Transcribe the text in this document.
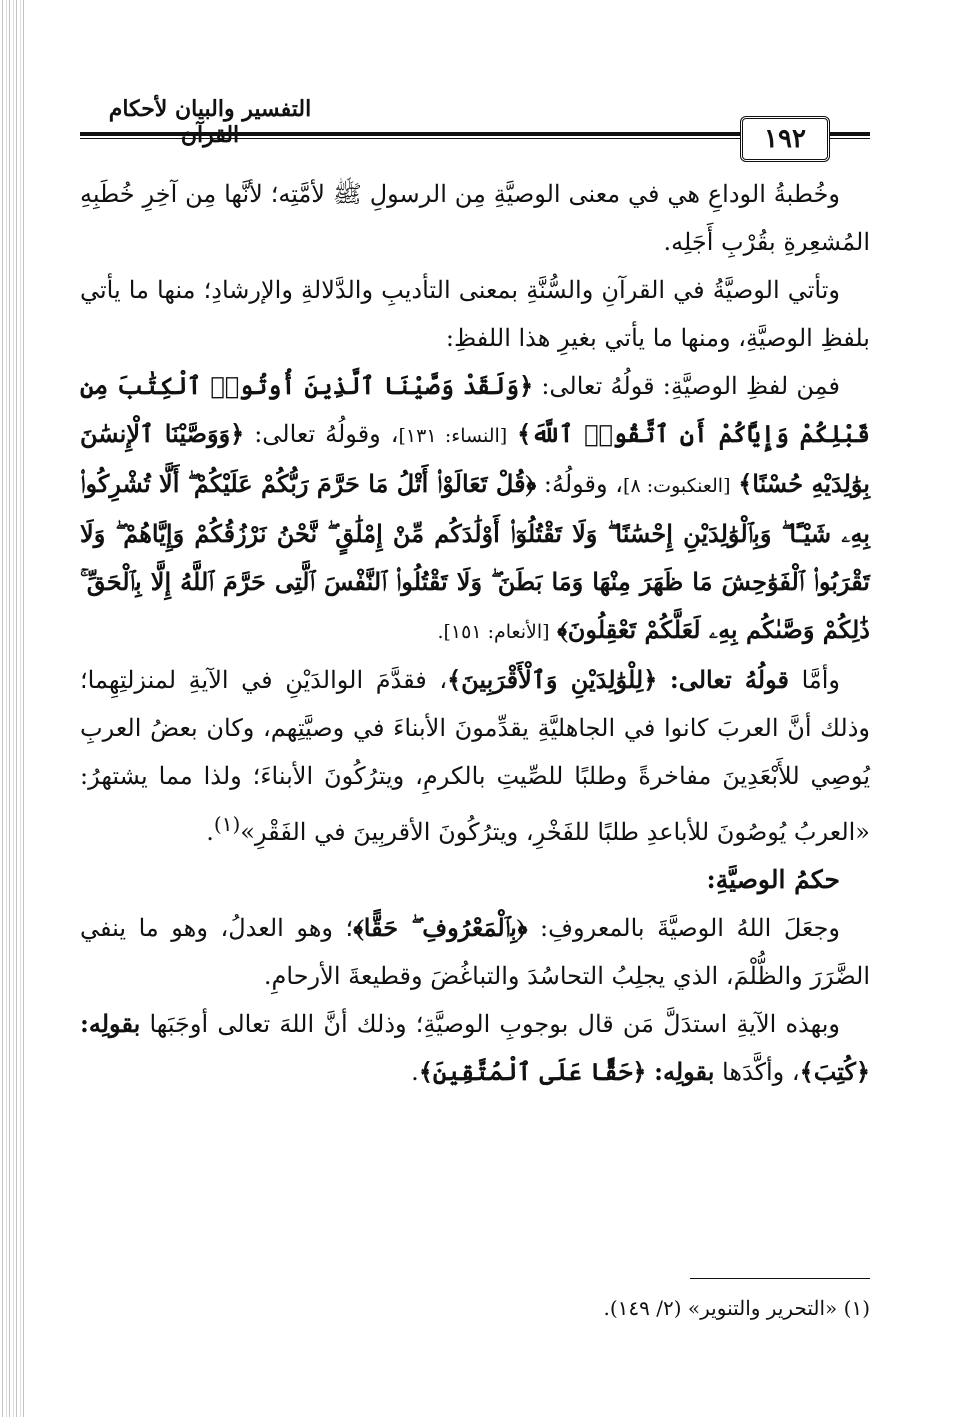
التفسير والبيان لأحكام القرآن	١٩٢

وخُطبةُ الوداعِ هي في معنى الوصيَّةِ مِن الرسولِ ﷺ لأمَّتِه؛ لأنَّها مِن آخِرِ خُطَبِهِ المُشعِرةِ بقُرْبِ أَجَلِه.

وتأتي الوصيَّةُ في القرآنِ والسُّنَّةِ بمعنى التأديبِ والدَّلالةِ والإرشادِ؛ منها ما يأتي بلفظِ الوصيَّةِ، ومنها ما يأتي بغيرِ هذا اللفظِ:

فمِن لفظِ الوصيَّةِ: قولُهُ تعالى: ﴿وَلَقَدْ وَصَّيْنَا ٱلَّذِينَ أُوتُوا۟ ٱلْكِتَٰبَ مِن قَبْلِكُمْ وَإِيَّاكُمْ أَنِ ٱتَّقُوا۟ ٱللَّهَ﴾ [النساء: ١٣١]، وقولُهُ تعالى: ﴿وَوَصَّيْنَا ٱلْإِنسَٰنَ بِوَٰلِدَيْهِ حُسْنًا﴾ [العنكبوت: ٨]، وقولُهُ: ﴿قُلْ تَعَالَوْا۟ أَتْلُ مَا حَرَّمَ رَبُّكُمْ عَلَيْكُمْ ۖ أَلَّا تُشْرِكُوا۟ بِهِۦ شَيْـًٔا ۖ وَبِٱلْوَٰلِدَيْنِ إِحْسَٰنًا ۖ وَلَا تَقْتُلُوٓا۟ أَوْلَٰدَكُم مِّنْ إِمْلَٰقٍ ۖ نَّحْنُ نَرْزُقُكُمْ وَإِيَّاهُمْ ۖ وَلَا تَقْرَبُوا۟ ٱلْفَوَٰحِشَ مَا ظَهَرَ مِنْهَا وَمَا بَطَنَ ۖ وَلَا تَقْتُلُوا۟ ٱلنَّفْسَ ٱلَّتِى حَرَّمَ ٱللَّهُ إِلَّا بِٱلْحَقِّ ۚ ذَٰلِكُمْ وَصَّىٰكُم بِهِۦ لَعَلَّكُمْ تَعْقِلُونَ﴾ [الأنعام: ١٥١].

وأمَّا قولُهُ تعالى: ﴿لِلْوَٰلِدَيْنِ وَٱلْأَقْرَبِينَ﴾، فقدَّمَ الوالدَيْنِ في الآيةِ لمنزلتِهِما؛ وذلك أنَّ العربَ كانوا في الجاهليَّةِ يقدِّمونَ الأبناءَ في وصيَّتِهم، وكان بعضُ العربِ يُوصِي للأَبْعَدِينَ مفاخرةً وطلبًا للصِّيتِ بالكرمِ، ويترُكُونَ الأبناءَ؛ ولذا مما يشتهرُ: «العربُ يُوصُونَ للأباعدِ طلبًا للفَخْرِ، ويترُكُونَ الأقربِينَ في الفَقْرِ»$^{(١)}$.

حكمُ الوصيَّةِ:

وجعَلَ اللهُ الوصيَّةَ بالمعروفِ: ﴿بِٱلْمَعْرُوفِ ۖ حَقًّا﴾؛ وهو العدلُ، وهو ما ينفي الضَّرَرَ والظُّلْمَ، الذي يجلِبُ التحاسُدَ والتباغُضَ وقطيعةَ الأرحامِ.

وبهذه الآيةِ استدَلَّ مَن قال بوجوبِ الوصيَّةِ؛ وذلك أنَّ اللهَ تعالى أوجَبَها بقولِه: ﴿كُتِبَ﴾، وأكَّدَها بقولِه: ﴿حَقًّا عَلَى ٱلْمُتَّقِينَ﴾.

(١) «التحرير والتنوير» (٢/ ١٤٩).
